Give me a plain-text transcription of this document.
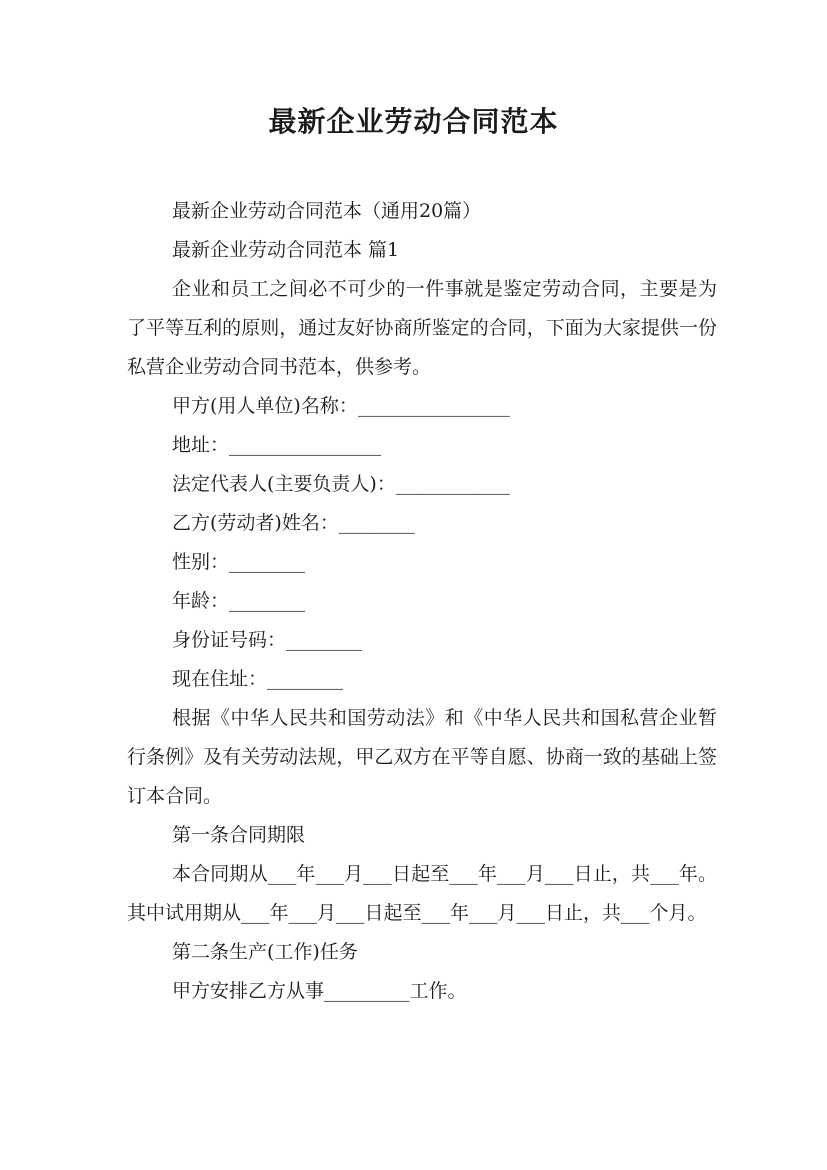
最新企业劳动合同范本

最新企业劳动合同范本（通用20篇）

最新企业劳动合同范本 篇1

企业和员工之间必不可少的一件事就是鉴定劳动合同，主要是为了平等互利的原则，通过友好协商所鉴定的合同，下面为大家提供一份私营企业劳动合同书范本，供参考。

甲方(用人单位)名称：________________

地址：________________

法定代表人(主要负责人)：____________

乙方(劳动者)姓名：________

性别：________

年龄：________

身份证号码：________

现在住址：________

根据《中华人民共和国劳动法》和《中华人民共和国私营企业暂行条例》及有关劳动法规，甲乙双方在平等自愿、协商一致的基础上签订本合同。

第一条合同期限

本合同期从___年___月___日起至___年___月___日止，共___年。其中试用期从___年___月___日起至___年___月___日止，共___个月。

第二条生产(工作)任务

甲方安排乙方从事_________工作。
